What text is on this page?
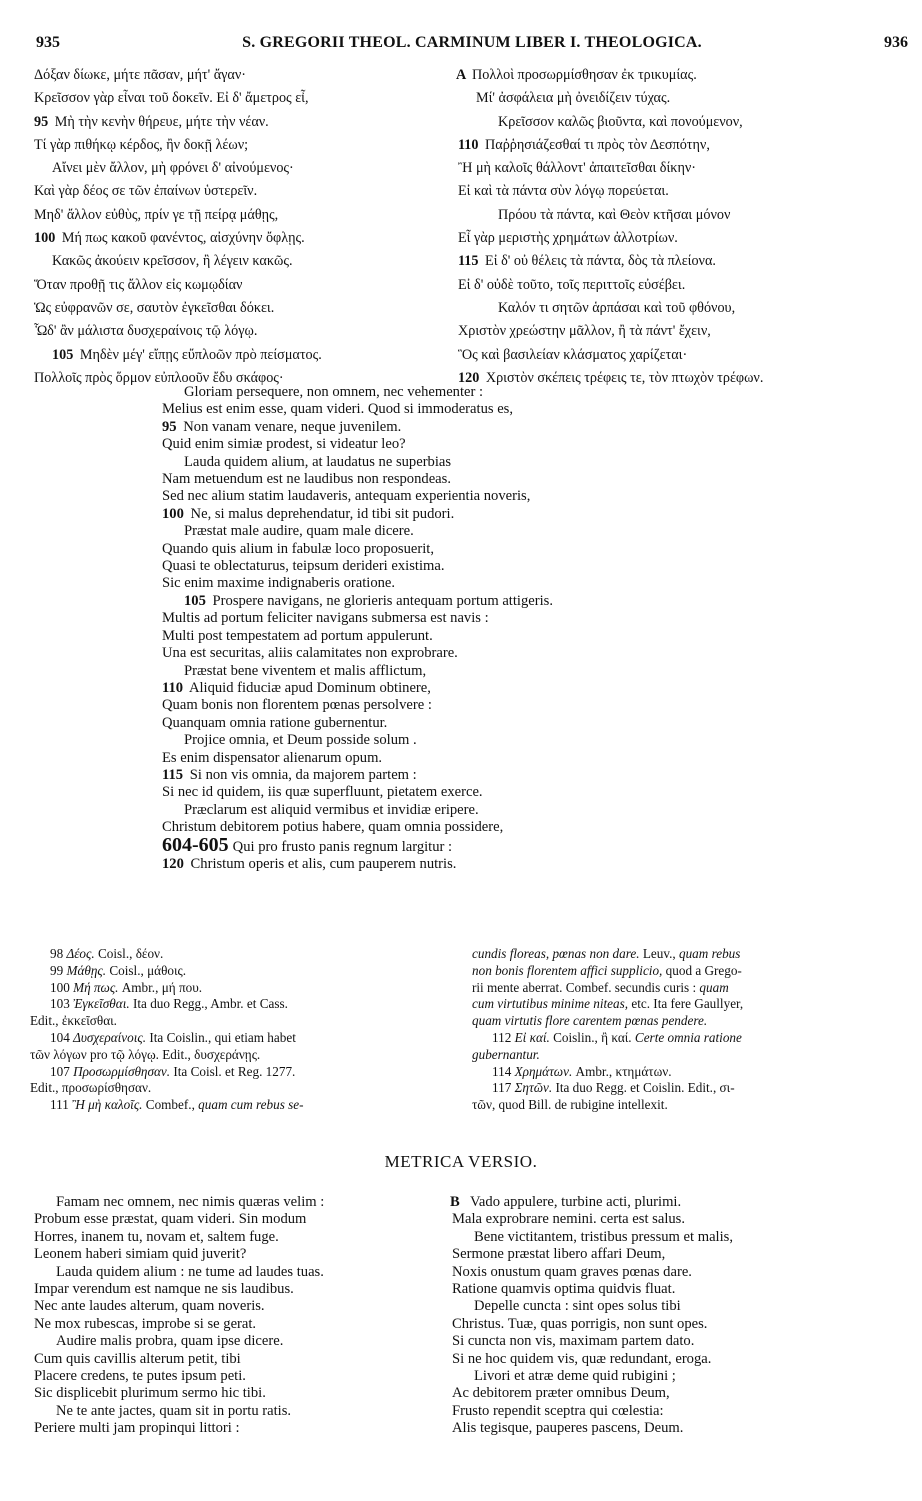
935	S. GREGORII THEOL. CARMINUM LIBER I. THEOLOGICA.	936
Δόξαν δίωκε, μήτε πᾶσαν, μήτ' ἄγαν·
Κρεῖσσον γὰρ εἶναι τοῦ δοκεῖν. Εἰ δ' ἄμετρος εἶ,
95 Μὴ τὴν κενὴν θήρευε, μήτε τὴν νέαν.
Τί γὰρ πιθήκῳ κέρδος, ἢν δοκῇ λέων;
Αἴνει μὲν ἄλλον, μὴ φρόνει δ' αἰνούμενος·
Καὶ γὰρ δέος σε τῶν ἐπαίνων ὑστερεῖν.
Μηδ' ἄλλον εὐθὺς, πρίν γε τῇ πείρᾳ μάθῃς,
100 Μή πως κακοῦ φανέντος, αἰσχύνην ὄφλῃς.
Κακῶς ἀκούειν κρεῖσσον, ἢ λέγειν κακῶς.
Ὅταν προθῇ τις ἄλλον εἰς κωμῳδίαν
Ὡς εὐφρανῶν σε, σαυτὸν ἐγκεῖσθαι δόκει.
Ὧδ' ἂν μάλιστα δυσχεραίνοις τῷ λόγῳ.
105 Μηδὲν μέγ' εἴπῃς εὔπλοῶν πρὸ πείσματος.
Πολλοῖς πρὸς ὅρμον εὐπλοοῦν ἔδυ σκάφος·
A Πολλοὶ προσωρμίσθησαν ἐκ τρικυμίας.
Μί' ἀσφάλεια μὴ ὀνειδίζειν τύχας.
Κρεῖσσον καλῶς βιοῦντα, καὶ πονούμενον,
110 Παῤῥησιάζεσθαί τι πρὸς τὸν Δεσπότην,
Ἢ μὴ καλοῖς θάλλοντ' ἀπαιτεῖσθαι δίκην·
Εἰ καὶ τὰ πάντα σὺν λόγῳ πορεύεται.
Πρόου τὰ πάντα, καὶ Θεὸν κτῆσαι μόνον
Εἶ γὰρ μεριστὴς χρημάτων ἀλλοτρίων.
115 Εἰ δ' οὐ θέλεις τὰ πάντα, δὸς τὰ πλείονα.
Εἰ δ' οὐδὲ τοῦτο, τοῖς περιττοῖς εὐσέβει.
Καλόν τι σητῶν ἁρπάσαι καὶ τοῦ φθόνου,
Χριστὸν χρεώστην μᾶλλον, ἢ τὰ πάντ' ἔχειν,
Ὃς καὶ βασιλείαν κλάσματος χαρίζεται·
120 Χριστὸν σκέπεις τρέφεις τε, τὸν πτωχὸν τρέφων.
Gloriam persequere, non omnem, nec vehementer :
Melius est enim esse, quam videri. Quod si immoderatus es,
95 Non vanam venare, neque juvenilem.
Quid enim simiæ prodest, si videatur leo?
Lauda quidem alium, at laudatus ne superbias
Nam metuendum est ne laudibus non respondeas.
Sed nec alium statim laudaveris, antequam experientia noveris,
100 Ne, si malus deprehendatur, id tibi sit pudori.
Præstat male audire, quam male dicere.
Quando quis alium in fabulæ loco proposuerit,
Quasi te oblectaturus, teipsum derideri existima.
Sic enim maxime indignaberis oratione.
105 Prospere navigans, ne glorieris antequam portum attigeris.
Multis ad portum feliciter navigans submersa est navis :
Multi post tempestatem ad portum appulerunt.
Una est securitas, aliis calamitates non exprobrare.
Præstat bene viventem et malis afflictum,
110 Aliquid fiduciæ apud Dominum obtinere,
Quam bonis non florentem pœnas persolvere :
Quanquam omnia ratione gubernentur.
Projice omnia, et Deum posside solum .
Es enim dispensator alienarum opum.
115 Si non vis omnia, da majorem partem :
Si nec id quidem, iis quæ superfluunt, pietatem exerce.
Præclarum est aliquid vermibus et invidiæ eripere.
Christum debitorem potius habere, quam omnia possidere,
604-605 Qui pro frusto panis regnum largitur :
120 Christum operis et alis, cum pauperem nutris.
98 Δέος. Coisl., δέον.
99 Μάθῃς. Coisl., μάθοις.
100 Μή πως. Ambr., μή που.
103 Ἐγκεῖσθαι. Ita duo Regg., Ambr. et Cass.
Edit., ἐκκεῖσθαι.
104 Δυσχεραίνοις. Ita Coislin., qui etiam habet
τῶν λόγων pro τῷ λόγῳ. Edit., δυσχεράνῃς.
107 Προσωρμίσθησαν. Ita Coisl. et Reg. 1277.
Edit., προσωρίσθησαν.
111 Ἢ μὴ καλοῖς. Combef., quam cum rebus se-
cundis floreas, pœnas non dare. Leuv., quam rebus
non bonis florentem affici supplicio, quod a Grego-
rii mente aberrat. Combef. secundis curis : quam
cum virtutibus minime niteas, etc. Ita fere Gaullyer,
quam virtutis flore carentem pœnas pendere.
112 Εἰ καί. Coislin., ἢ καί. Certe omnia ratione
gubernantur.
114 Χρημάτων. Ambr., κτημάτων.
117 Σητῶν. Ita duo Regg. et Coislin. Edit., σι-
τῶν, quod Bill. de rubigine intellexit.
METRICA VERSIO.
Famam nec omnem, nec nimis quæras velim :
Probum esse præstat, quam videri. Sin modum
Horres, inanem tu, novam et, saltem fuge.
Leonem haberi simiam quid juverit?
Lauda quidem alium : ne tume ad laudes tuas.
Impar verendum est namque ne sis laudibus.
Nec ante laudes alterum, quam noveris.
Ne mox rubescas, improbe si se gerat.
Audire malis probra, quam ipse dicere.
Cum quis cavillis alterum petit, tibi
Placere credens, te putes ipsum peti.
Sic displicebit plurimum sermo hic tibi.
Ne te ante jactes, quam sit in portu ratis.
Periere multi jam propinqui littori :
B Vado appulere, turbine acti, plurimi.
Mala exprobrare nemini. certa est salus.
Bene victitantem, tristibus pressum et malis,
Sermone præstat libero affari Deum,
Noxis onustum quam graves pœnas dare.
Ratione quamvis optima quidvis fluat.
Depelle cuncta : sint opes solus tibi
Christus. Tuæ, quas porrigis, non sunt opes.
Si cuncta non vis, maximam partem dato.
Si ne hoc quidem vis, quæ redundant, eroga.
Livori et atræ deme quid rubigini ;
Ac debitorem præter omnibus Deum,
Frusto rependit sceptra qui cœlestia:
Alis tegisque, pauperes pascens, Deum.
